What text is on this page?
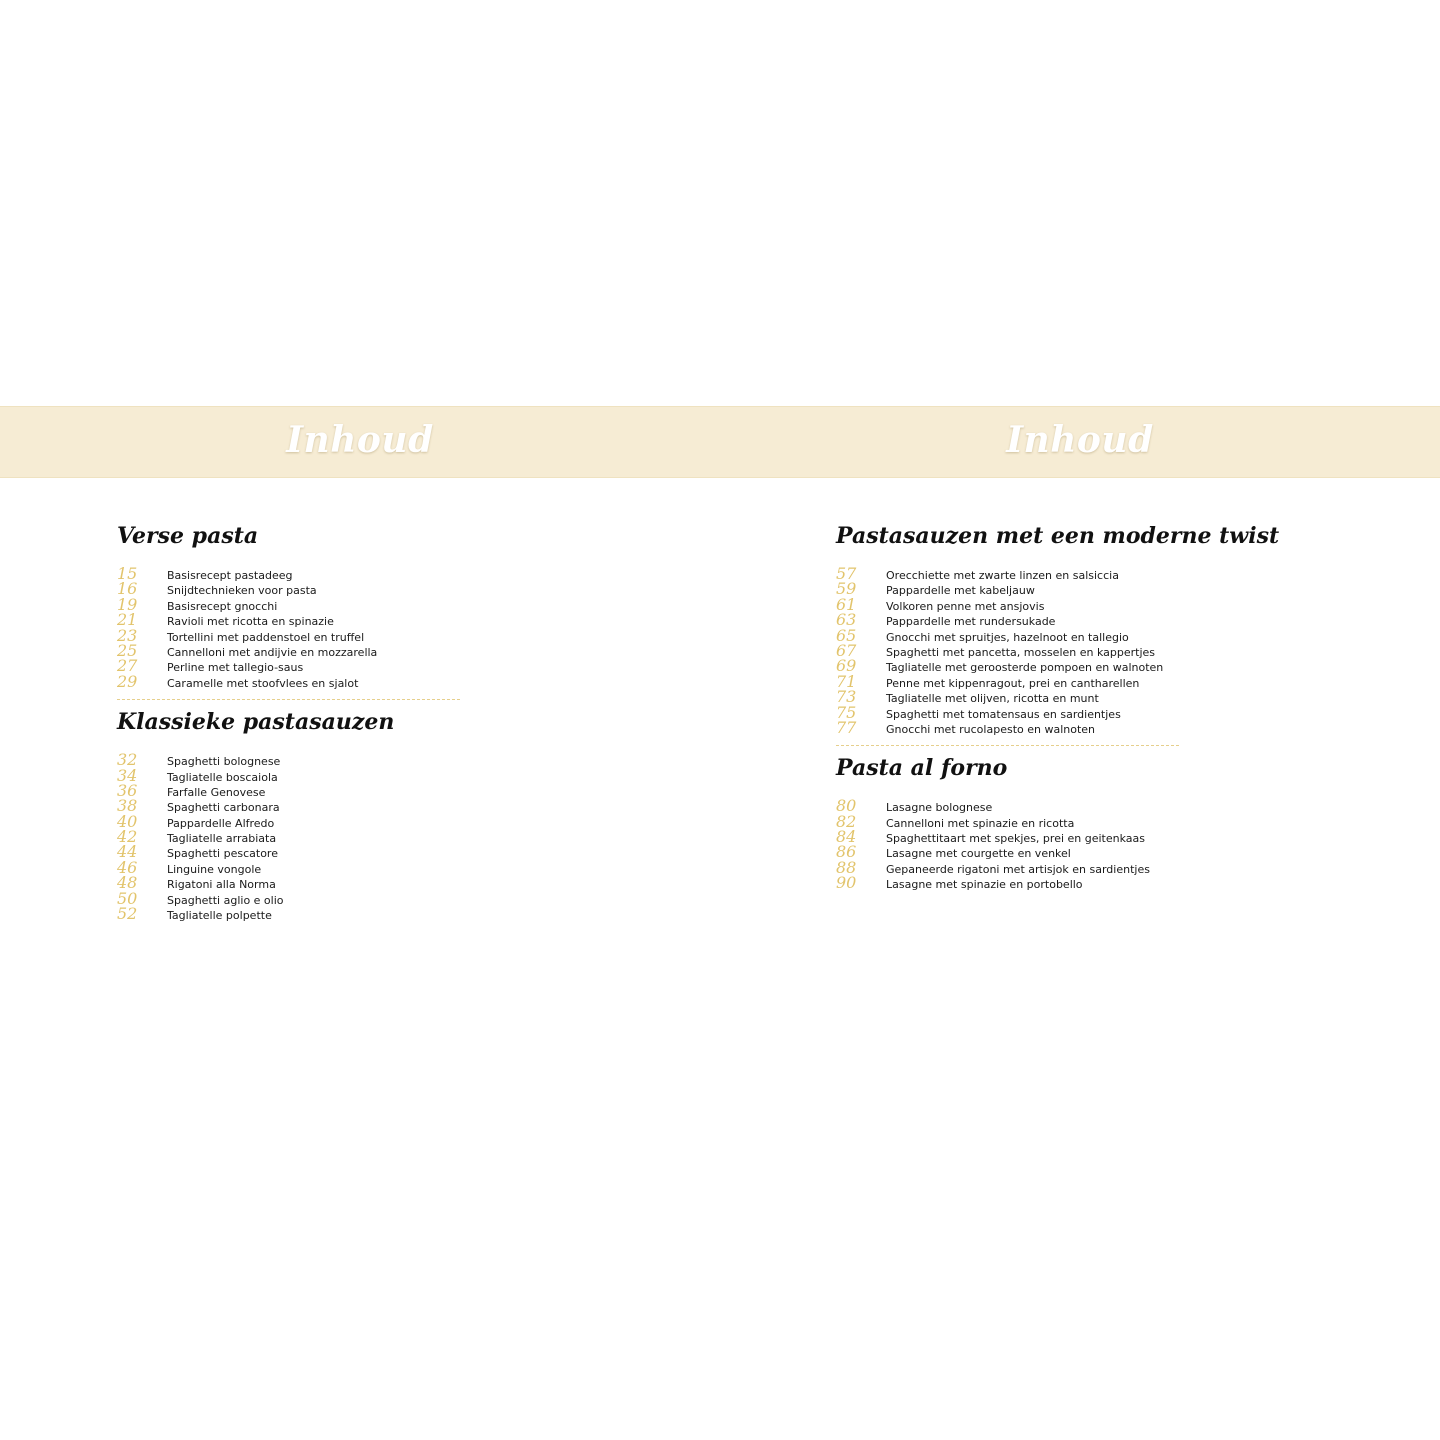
Inhoud	Inhoud
Verse pasta
15	Basisrecept pastadeeg
16	Snijdtechnieken voor pasta
19	Basisrecept gnocchi
21	Ravioli met ricotta en spinazie
23	Tortellini met paddenstoel en truffel
25	Cannelloni met andijvie en mozzarella
27	Perline met tallegio-saus
29	Caramelle met stoofvlees en sjalot
Klassieke pastasauzen
32	Spaghetti bolognese
34	Tagliatelle boscaiola
36	Farfalle Genovese
38	Spaghetti carbonara
40	Pappardelle Alfredo
42	Tagliatelle arrabiata
44	Spaghetti pescatore
46	Linguine vongole
48	Rigatoni alla Norma
50	Spaghetti aglio e olio
52	Tagliatelle polpette
Pastasauzen met een moderne twist
57	Orecchiette met zwarte linzen en salsiccia
59	Pappardelle met kabeljauw
61	Volkoren penne met ansjovis
63	Pappardelle met rundersukade
65	Gnocchi met spruitjes, hazelnoot en tallegio
67	Spaghetti met pancetta, mosselen en kappertjes
69	Tagliatelle met geroosterde pompoen en walnoten
71	Penne met kippenragout, prei en cantharellen
73	Tagliatelle met olijven, ricotta en munt
75	Spaghetti met tomatensaus en sardientjes
77	Gnocchi met rucolapesto en walnoten
Pasta al forno
80	Lasagne bolognese
82	Cannelloni met spinazie en ricotta
84	Spaghettitaart met spekjes, prei en geitenkaas
86	Lasagne met courgette en venkel
88	Gepaneerde rigatoni met artisjok en sardientjes
90	Lasagne met spinazie en portobello
